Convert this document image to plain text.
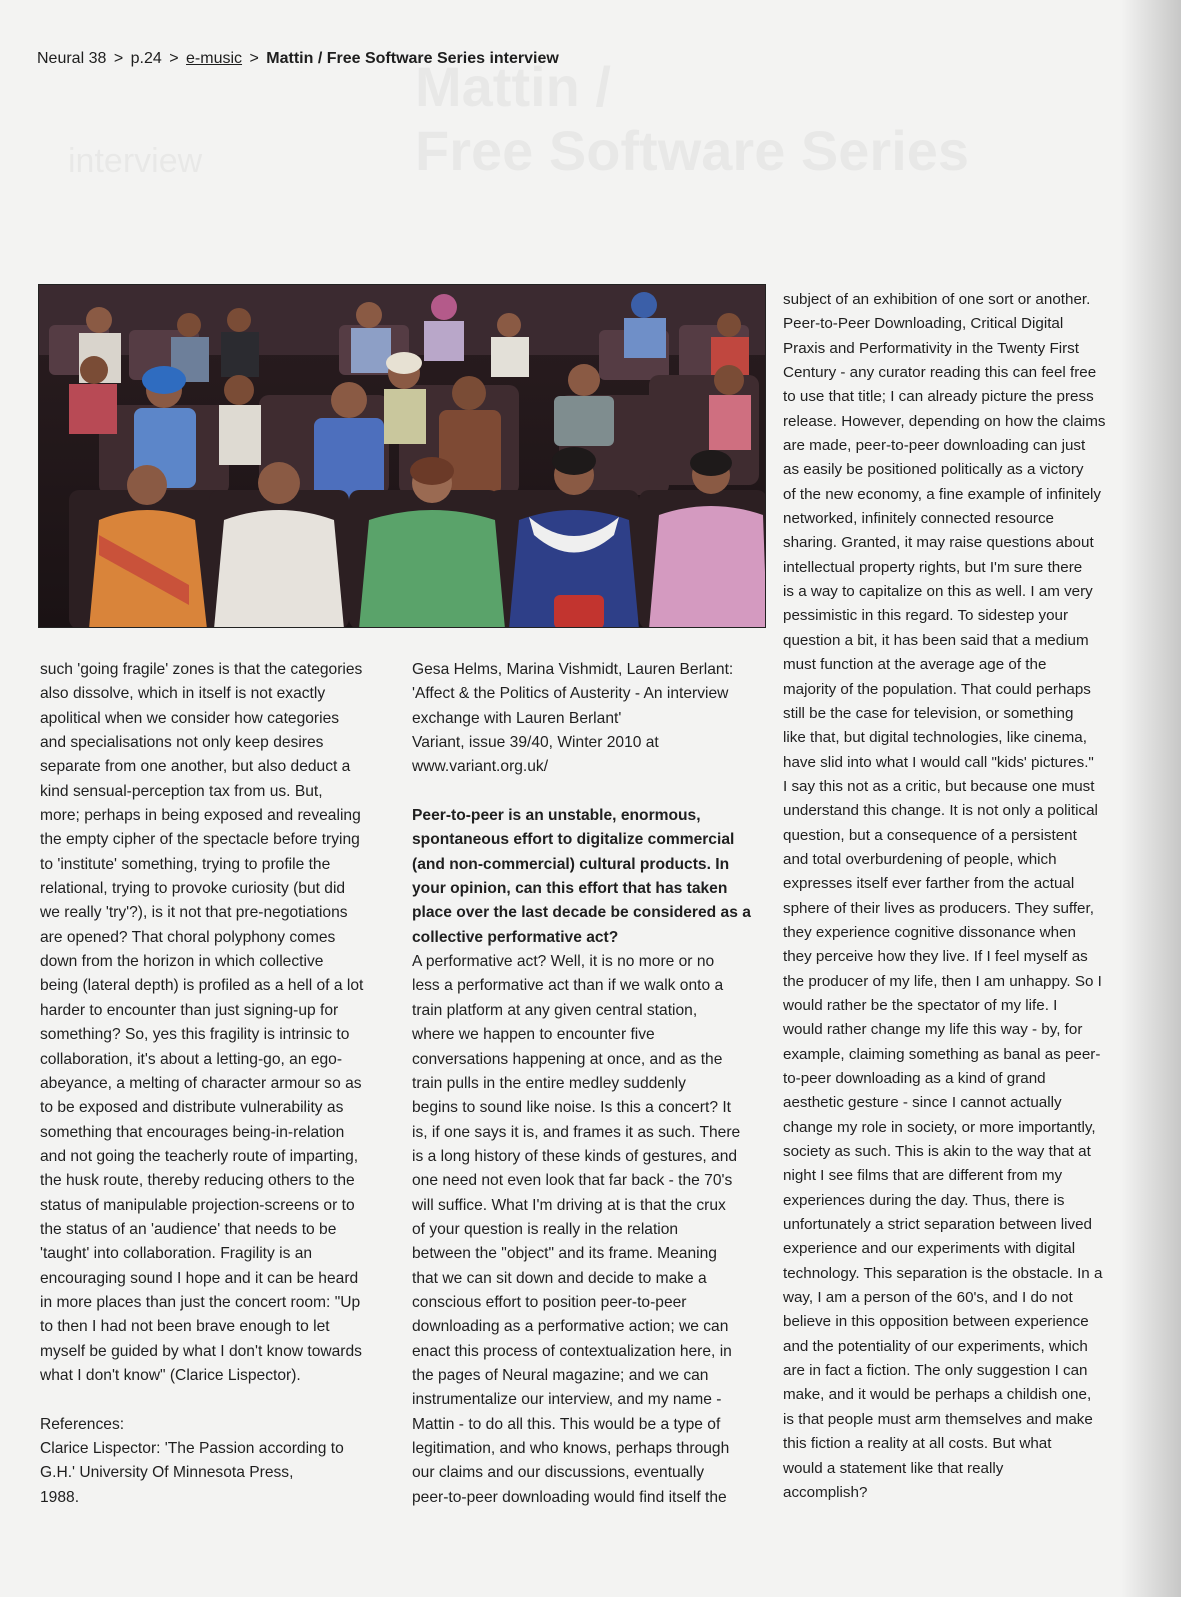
Neural 38 > p.24 > e-music > Mattin / Free Software Series interview
such 'going fragile' zones is that the categories
also dissolve, which in itself is not exactly
apolitical when we consider how categories
and specialisations not only keep desires
separate from one another, but also deduct a
kind sensual-perception tax from us. But,
more; perhaps in being exposed and revealing
the empty cipher of the spectacle before trying
to 'institute' something, trying to profile the
relational, trying to provoke curiosity (but did
we really 'try'?), is it not that pre-negotiations
are opened? That choral polyphony comes
down from the horizon in which collective
being (lateral depth) is profiled as a hell of a lot
harder to encounter than just signing-up for
something? So, yes this fragility is intrinsic to
collaboration, it's about a letting-go, an ego-
abeyance, a melting of character armour so as
to be exposed and distribute vulnerability as
something that encourages being-in-relation
and not going the teacherly route of imparting,
the husk route, thereby reducing others to the
status of manipulable projection-screens or to
the status of an 'audience' that needs to be
'taught' into collaboration. Fragility is an
encouraging sound I hope and it can be heard
in more places than just the concert room: "Up
to then I had not been brave enough to let
myself be guided by what I don't know towards
what I don't know" (Clarice Lispector).
References:
Clarice Lispector: 'The Passion according to
G.H.' University Of Minnesota Press,
1988.
Gesa Helms, Marina Vishmidt, Lauren Berlant:
'Affect & the Politics of Austerity - An interview
exchange with Lauren Berlant'
Variant, issue 39/40, Winter 2010 at
www.variant.org.uk/
Peer-to-peer is an unstable, enormous,
spontaneous effort to digitalize commercial
(and non-commercial) cultural products. In
your opinion, can this effort that has taken
place over the last decade be considered as a
collective performative act?
A performative act? Well, it is no more or no
less a performative act than if we walk onto a
train platform at any given central station,
where we happen to encounter five
conversations happening at once, and as the
train pulls in the entire medley suddenly
begins to sound like noise. Is this a concert? It
is, if one says it is, and frames it as such. There
is a long history of these kinds of gestures, and
one need not even look that far back - the 70's
will suffice. What I'm driving at is that the crux
of your question is really in the relation
between the "object" and its frame. Meaning
that we can sit down and decide to make a
conscious effort to position peer-to-peer
downloading as a performative action; we can
enact this process of contextualization here, in
the pages of Neural magazine; and we can
instrumentalize our interview, and my name -
Mattin - to do all this. This would be a type of
legitimation, and who knows, perhaps through
our claims and our discussions, eventually
peer-to-peer downloading would find itself the
subject of an exhibition of one sort or another.
Peer-to-Peer Downloading, Critical Digital
Praxis and Performativity in the Twenty First
Century - any curator reading this can feel free
to use that title; I can already picture the press
release. However, depending on how the claims
are made, peer-to-peer downloading can just
as easily be positioned politically as a victory
of the new economy, a fine example of infinitely
networked, infinitely connected resource
sharing. Granted, it may raise questions about
intellectual property rights, but I'm sure there
is a way to capitalize on this as well. I am very
pessimistic in this regard. To sidestep your
question a bit, it has been said that a medium
must function at the average age of the
majority of the population. That could perhaps
still be the case for television, or something
like that, but digital technologies, like cinema,
have slid into what I would call "kids' pictures."
I say this not as a critic, but because one must
understand this change. It is not only a political
question, but a consequence of a persistent
and total overburdening of people, which
expresses itself ever farther from the actual
sphere of their lives as producers. They suffer,
they experience cognitive dissonance when
they perceive how they live. If I feel myself as
the producer of my life, then I am unhappy. So I
would rather be the spectator of my life. I
would rather change my life this way - by, for
example, claiming something as banal as peer-
to-peer downloading as a kind of grand
aesthetic gesture - since I cannot actually
change my role in society, or more importantly,
society as such. This is akin to the way that at
night I see films that are different from my
experiences during the day. Thus, there is
unfortunately a strict separation between lived
experience and our experiments with digital
technology. This separation is the obstacle. In a
way, I am a person of the 60's, and I do not
believe in this opposition between experience
and the potentiality of our experiments, which
are in fact a fiction. The only suggestion I can
make, and it would be perhaps a childish one,
is that people must arm themselves and make
this fiction a reality at all costs. But what
would a statement like that really
accomplish?
